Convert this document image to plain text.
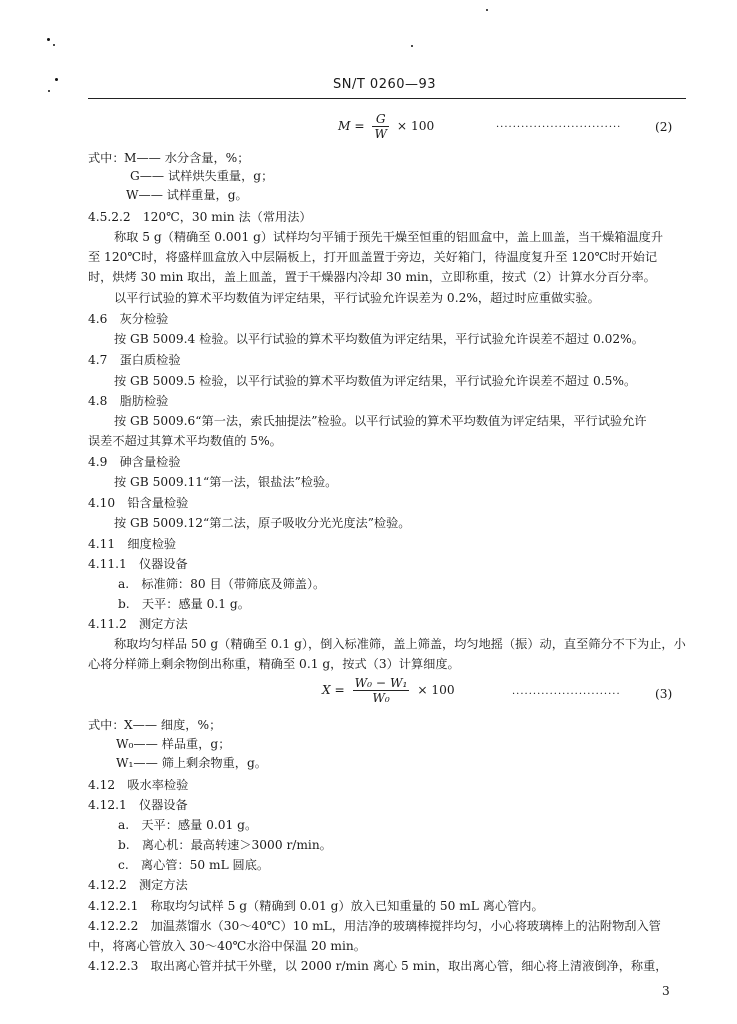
SN/T 0260—93
$M = \frac{G}{W} \times 100$	······························	(2)
式中： M—— 水分含量，%；
G—— 试样烘失重量，g；
W—— 试样重量，g。
4.5.2.2　120℃，30 min 法（常用法）
称取 5 g（精确至 0.001 g）试样均匀平铺于预先干燥至恒重的铝皿盒中，盖上皿盖，当干燥箱温度升
至 120℃时，将盛样皿盒放入中层隔板上，打开皿盖置于旁边，关好箱门，待温度复升至 120℃时开始记
时，烘烤 30 min 取出，盖上皿盖，置于干燥器内冷却 30 min，立即称重，按式（2）计算水分百分率。
以平行试验的算术平均数值为评定结果，平行试验允许误差为 0.2%，超过时应重做实验。
4.6　灰分检验
按 GB 5009.4 检验。以平行试验的算术平均数值为评定结果，平行试验允许误差不超过 0.02%。
4.7　蛋白质检验
按 GB 5009.5 检验，以平行试验的算术平均数值为评定结果，平行试验允许误差不超过 0.5%。
4.8　脂肪检验
按 GB 5009.6“第一法，索氏抽提法”检验。以平行试验的算术平均数值为评定结果，平行试验允许
误差不超过其算术平均数值的 5%。
4.9　砷含量检验
按 GB 5009.11“第一法，银盐法”检验。
4.10　铅含量检验
按 GB 5009.12“第二法，原子吸收分光光度法”检验。
4.11　细度检验
4.11.1　仪器设备
a.　标准筛：80 目（带筛底及筛盖）。
b.　天平：感量 0.1 g。
4.11.2　测定方法
称取均匀样品 50 g（精确至 0.1 g），倒入标准筛，盖上筛盖，均匀地摇（振）动，直至筛分不下为止，小
心将分样筛上剩余物倒出称重，精确至 0.1 g，按式（3）计算细度。
$X = \frac{\text{W₀ − W₁}}{\text{W₀}} \times 100$	··························	(3)
式中： X—— 细度，%；
W₀—— 样品重，g；
W₁—— 筛上剩余物重，g。
4.12　吸水率检验
4.12.1　仪器设备
a.　天平：感量 0.01 g。
b.　离心机：最高转速＞3000 r/min。
c.　离心管：50 mL 圆底。
4.12.2　测定方法
4.12.2.1　称取均匀试样 5 g（精确到 0.01 g）放入已知重量的 50 mL 离心管内。
4.12.2.2　加温蒸馏水（30～40℃）10 mL，用洁净的玻璃棒搅拌均匀，小心将玻璃棒上的沾附物刮入管
中，将离心管放入 30～40℃水浴中保温 20 min。
4.12.2.3　取出离心管并拭干外壁，以 2000 r/min 离心 5 min，取出离心管，细心将上清液倒净，称重，
3
